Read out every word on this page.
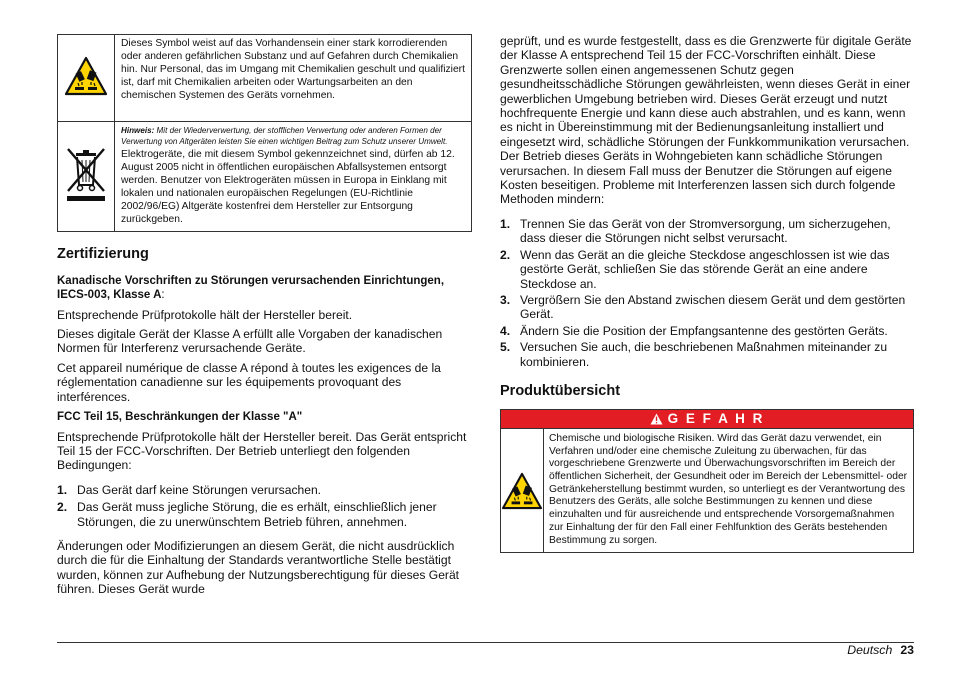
	Dieses Symbol weist auf das Vorhandensein einer stark korrodierenden oder anderen gefährlichen Substanz und auf Gefahren durch Chemikalien hin. Nur Personal, das im Umgang mit Chemikalien geschult und qualifiziert ist, darf mit Chemikalien arbeiten oder Wartungsarbeiten an den chemischen Systemen des Geräts vornehmen.

Hinweis: Mit der Wiederverwertung, der stofflichen Verwertung oder anderen Formen der Verwertung von Altgeräten leisten Sie einen wichtigen Beitrag zum Schutz unserer Umwelt.
Elektrogeräte, die mit diesem Symbol gekennzeichnet sind, dürfen ab 12. August 2005 nicht in öffentlichen europäischen Abfallsystemen entsorgt werden. Benutzer von Elektrogeräten müssen in Europa in Einklang mit lokalen und nationalen europäischen Regelungen (EU-Richtlinie 2002/96/EG) Altgeräte kostenfrei dem Hersteller zur Entsorgung zurückgeben.
Zertifizierung
Kanadische Vorschriften zu Störungen verursachenden Einrichtungen, IECS-003, Klasse A:

Entsprechende Prüfprotokolle hält der Hersteller bereit.

Dieses digitale Gerät der Klasse A erfüllt alle Vorgaben der kanadischen Normen für Interferenz verursachende Geräte.

Cet appareil numérique de classe A répond à toutes les exigences de la réglementation canadienne sur les équipements provoquant des interférences.

FCC Teil 15, Beschränkungen der Klasse "A"

Entsprechende Prüfprotokolle hält der Hersteller bereit. Das Gerät entspricht Teil 15 der FCC-Vorschriften. Der Betrieb unterliegt den folgenden Bedingungen:

1. Das Gerät darf keine Störungen verursachen.
2. Das Gerät muss jegliche Störung, die es erhält, einschließlich jener Störungen, die zu unerwünschtem Betrieb führen, annehmen.

Änderungen oder Modifizierungen an diesem Gerät, die nicht ausdrücklich durch die für die Einhaltung der Standards verantwortliche Stelle bestätigt wurden, können zur Aufhebung der Nutzungsberechtigung für dieses Gerät führen. Dieses Gerät wurde

geprüft, und es wurde festgestellt, dass es die Grenzwerte für digitale Geräte der Klasse A entsprechend Teil 15 der FCC-Vorschriften einhält. Diese Grenzwerte sollen einen angemessenen Schutz gegen gesundheitsschädliche Störungen gewährleisten, wenn dieses Gerät in einer gewerblichen Umgebung betrieben wird. Dieses Gerät erzeugt und nutzt hochfrequente Energie und kann diese auch abstrahlen, und es kann, wenn es nicht in Übereinstimmung mit der Bedienungsanleitung installiert und eingesetzt wird, schädliche Störungen der Funkkommunikation verursachen. Der Betrieb dieses Geräts in Wohngebieten kann schädliche Störungen verursachen. In diesem Fall muss der Benutzer die Störungen auf eigene Kosten beseitigen. Probleme mit Interferenzen lassen sich durch folgende Methoden mindern:

1. Trennen Sie das Gerät von der Stromversorgung, um sicherzugehen, dass dieser die Störungen nicht selbst verursacht.
2. Wenn das Gerät an die gleiche Steckdose angeschlossen ist wie das gestörte Gerät, schließen Sie das störende Gerät an eine andere Steckdose an.
3. Vergrößern Sie den Abstand zwischen diesem Gerät und dem gestörten Gerät.
4. Ändern Sie die Position der Empfangsantenne des gestörten Geräts.
5. Versuchen Sie auch, die beschriebenen Maßnahmen miteinander zu kombinieren.
Produktübersicht
G E F A H R
Chemische und biologische Risiken. Wird das Gerät dazu verwendet, ein Verfahren und/oder eine chemische Zuleitung zu überwachen, für das vorgeschriebene Grenzwerte und Überwachungsvorschriften im Bereich der öffentlichen Sicherheit, der Gesundheit oder im Bereich der Lebensmittel- oder Getränkeherstellung bestimmt wurden, so unterliegt es der Verantwortung des Benutzers des Geräts, alle solche Bestimmungen zu kennen und diese einzuhalten und für ausreichende und entsprechende Vorsorgemaßnahmen zur Einhaltung der für den Fall einer Fehlfunktion des Geräts bestehenden Bestimmung zu sorgen.
Deutsch 23
